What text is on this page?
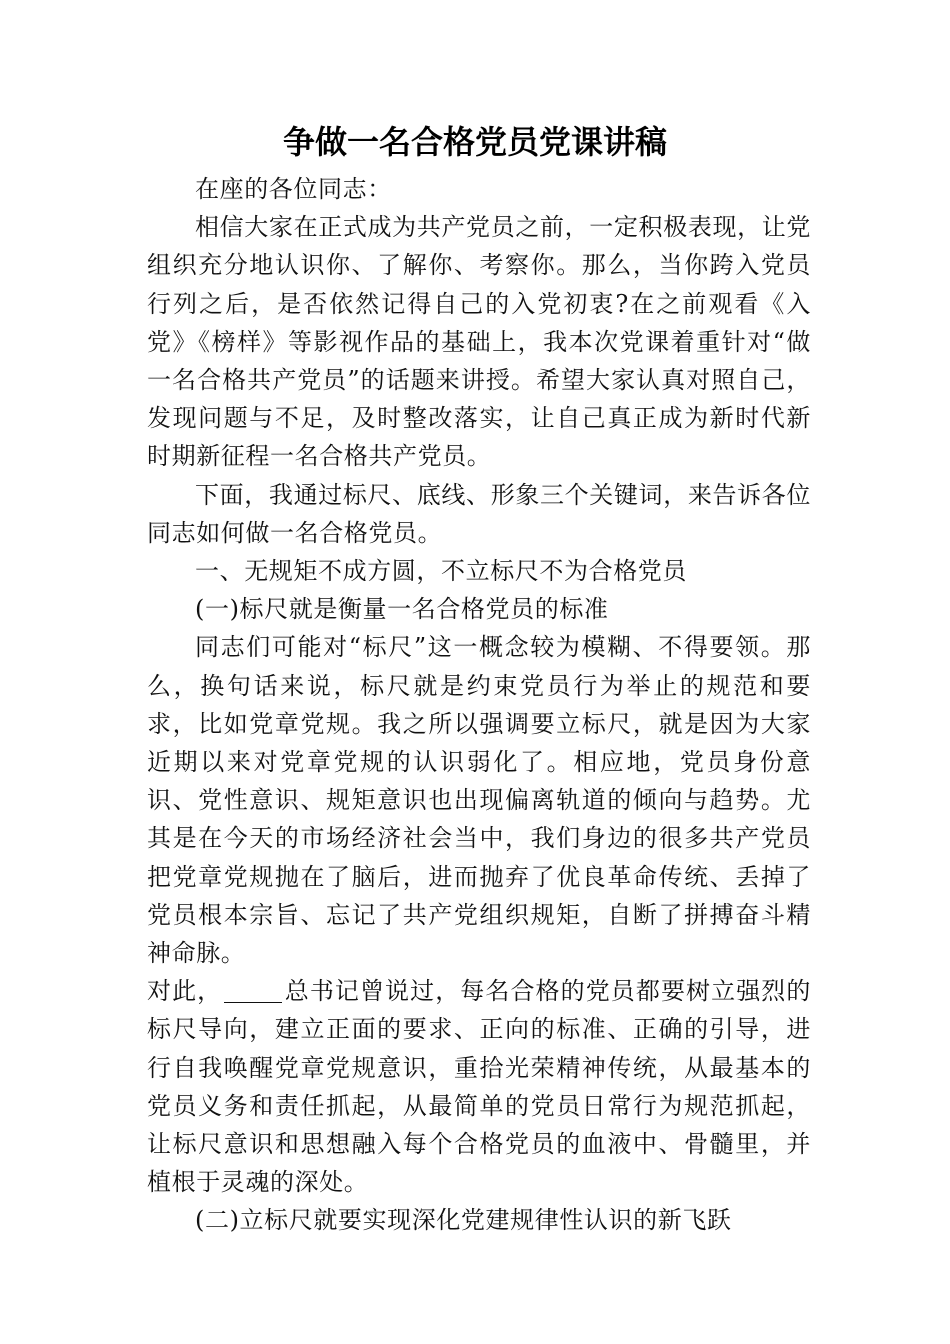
争做一名合格党员党课讲稿

在座的各位同志：

相信大家在正式成为共产党员之前，一定积极表现，让党组织充分地认识你、了解你、考察你。那么，当你跨入党员行列之后，是否依然记得自己的入党初衷?在之前观看《入党》《榜样》等影视作品的基础上，我本次党课着重针对“做一名合格共产党员”的话题来讲授。希望大家认真对照自己，发现问题与不足，及时整改落实，让自己真正成为新时代新时期新征程一名合格共产党员。

下面，我通过标尺、底线、形象三个关键词，来告诉各位同志如何做一名合格党员。

一、无规矩不成方圆，不立标尺不为合格党员

(一)标尺就是衡量一名合格党员的标准

同志们可能对“标尺”这一概念较为模糊、不得要领。那么，换句话来说，标尺就是约束党员行为举止的规范和要求，比如党章党规。我之所以强调要立标尺，就是因为大家近期以来对党章党规的认识弱化了。相应地，党员身份意识、党性意识、规矩意识也出现偏离轨道的倾向与趋势。尤其是在今天的市场经济社会当中，我们身边的很多共产党员把党章党规抛在了脑后，进而抛弃了优良革命传统、丢掉了党员根本宗旨、忘记了共产党组织规矩，自断了拼搏奋斗精神命脉。

对此，	总书记曾说过，每名合格的党员都要树立强烈的标尺导向，建立正面的要求、正向的标准、正确的引导，进行自我唤醒党章党规意识，重拾光荣精神传统，从最基本的党员义务和责任抓起，从最简单的党员日常行为规范抓起，让标尺意识和思想融入每个合格党员的血液中、骨髓里，并植根于灵魂的深处。

(二)立标尺就要实现深化党建规律性认识的新飞跃
